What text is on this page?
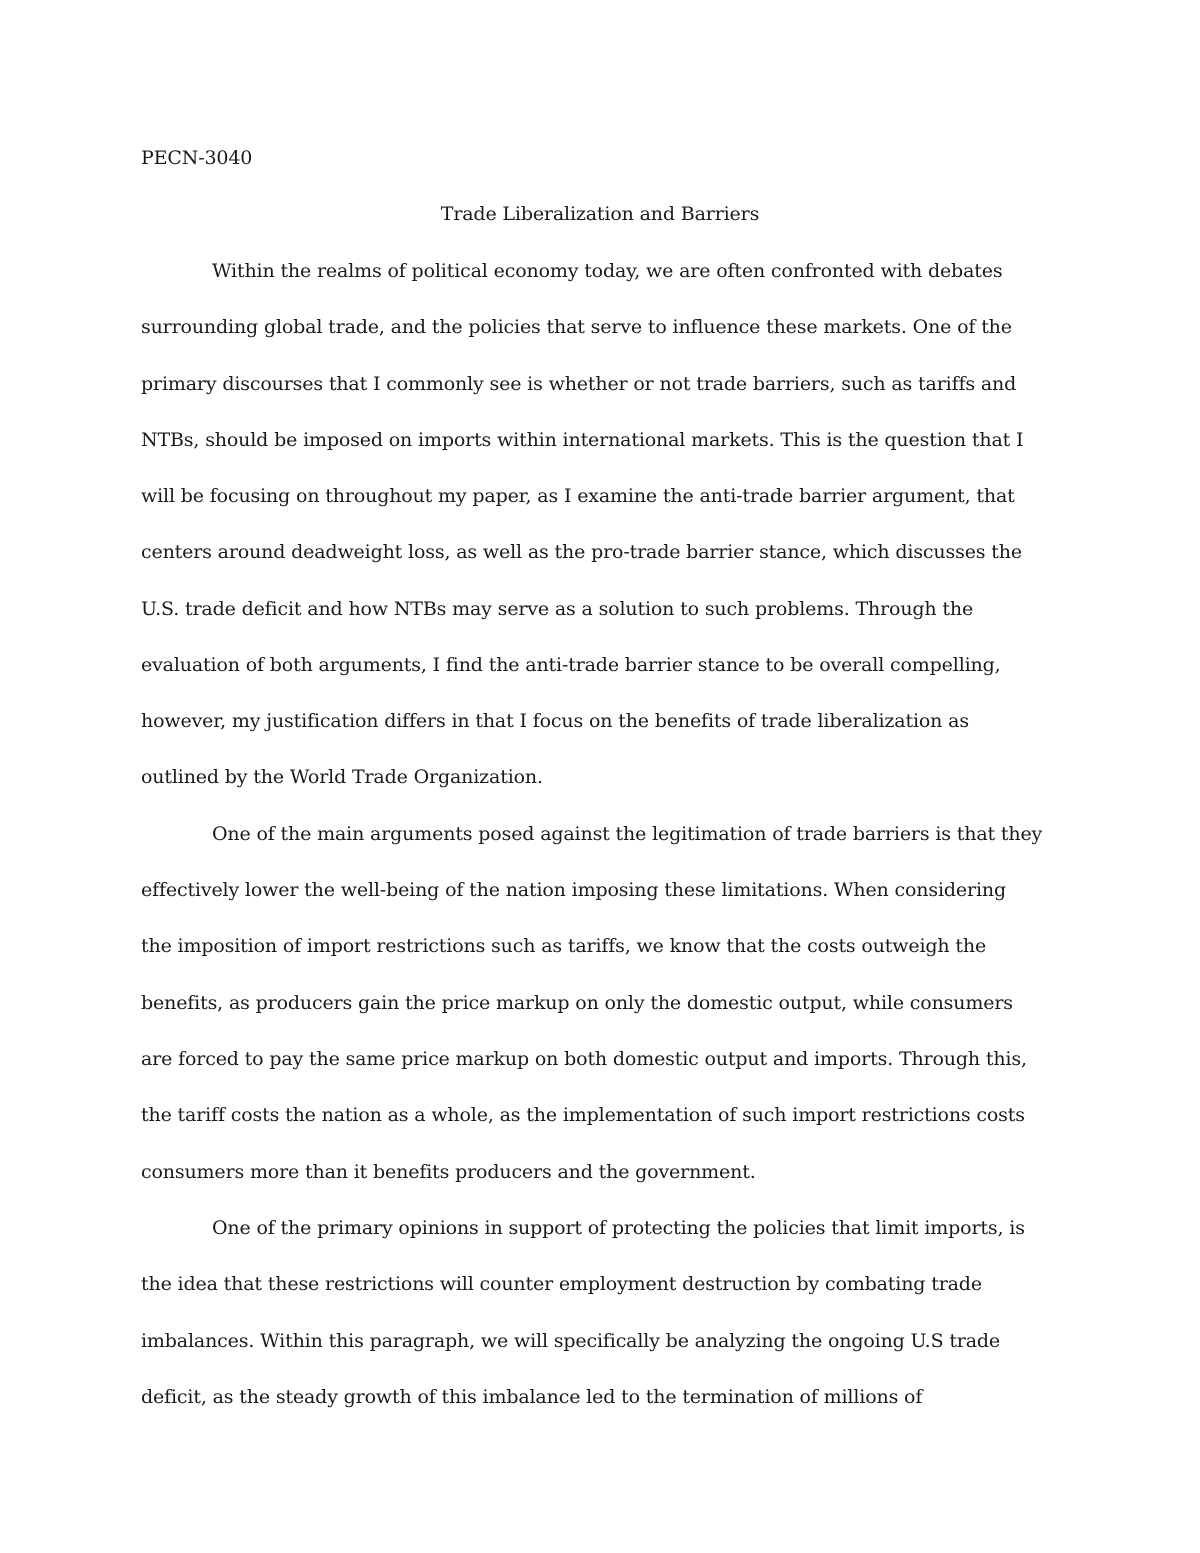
PECN-3040
Trade Liberalization and Barriers
Within the realms of political economy today, we are often confronted with debates
surrounding global trade, and the policies that serve to influence these markets. One of the
primary discourses that I commonly see is whether or not trade barriers, such as tariffs and
NTBs, should be imposed on imports within international markets. This is the question that I
will be focusing on throughout my paper, as I examine the anti-trade barrier argument, that
centers around deadweight loss, as well as the pro-trade barrier stance, which discusses the
U.S. trade deficit and how NTBs may serve as a solution to such problems. Through the
evaluation of both arguments, I find the anti-trade barrier stance to be overall compelling,
however, my justification differs in that I focus on the benefits of trade liberalization as
outlined by the World Trade Organization.
One of the main arguments posed against the legitimation of trade barriers is that they
effectively lower the well-being of the nation imposing these limitations. When considering
the imposition of import restrictions such as tariffs, we know that the costs outweigh the
benefits, as producers gain the price markup on only the domestic output, while consumers
are forced to pay the same price markup on both domestic output and imports. Through this,
the tariff costs the nation as a whole, as the implementation of such import restrictions costs
consumers more than it benefits producers and the government.
One of the primary opinions in support of protecting the policies that limit imports, is
the idea that these restrictions will counter employment destruction by combating trade
imbalances. Within this paragraph, we will specifically be analyzing the ongoing U.S trade
deficit, as the steady growth of this imbalance led to the termination of millions of
